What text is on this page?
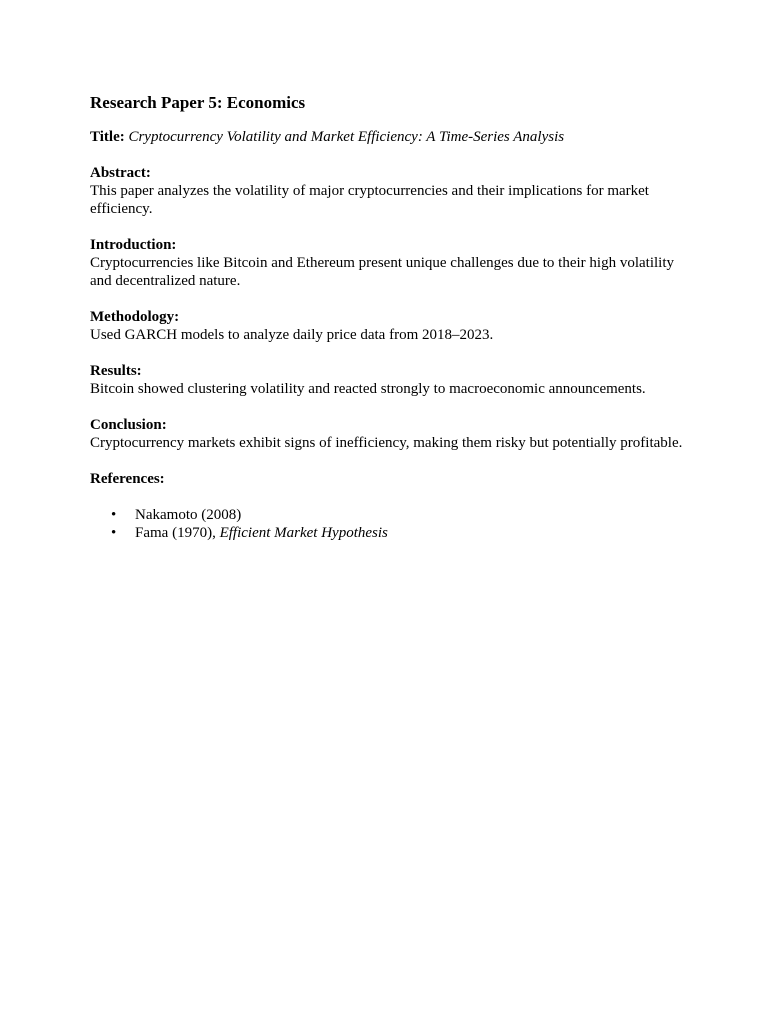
Research Paper 5: Economics
Title: Cryptocurrency Volatility and Market Efficiency: A Time-Series Analysis
Abstract:
This paper analyzes the volatility of major cryptocurrencies and their implications for market efficiency.
Introduction:
Cryptocurrencies like Bitcoin and Ethereum present unique challenges due to their high volatility and decentralized nature.
Methodology:
Used GARCH models to analyze daily price data from 2018–2023.
Results:
Bitcoin showed clustering volatility and reacted strongly to macroeconomic announcements.
Conclusion:
Cryptocurrency markets exhibit signs of inefficiency, making them risky but potentially profitable.
References:
• Nakamoto (2008)
• Fama (1970), Efficient Market Hypothesis
